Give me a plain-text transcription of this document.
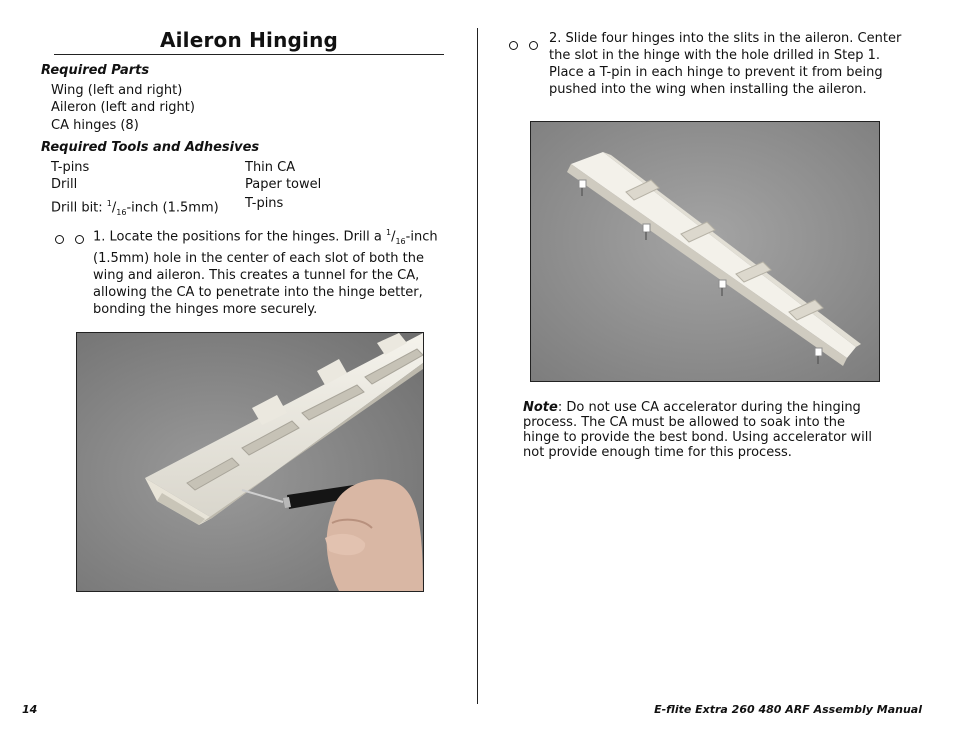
Aileron Hinging
Required Parts
Wing (left and right)
Aileron (left and right)
CA hinges (8)
Required Tools and Adhesives
T-pins
Drill
Drill bit: $^1/_{16}$-inch (1.5mm)
Thin CA
Paper towel
T-pins

1. Locate the positions for the hinges. Drill a $^1/_{16}$-inch (1.5mm) hole in the center of each slot of both the wing and aileron. This creates a tunnel for the CA, allowing the CA to penetrate into the hinge better, bonding the hinges more securely.

2. Slide four hinges into the slits in the aileron. Center the slot in the hinge with the hole drilled in Step 1. Place a T-pin in each hinge to prevent it from being pushed into the wing when installing the aileron.
Note: Do not use CA accelerator during the hinging process. The CA must be allowed to soak into the hinge to provide the best bond. Using accelerator will not provide enough time for this process.
14	E-flite Extra 260 480 ARF Assembly Manual
